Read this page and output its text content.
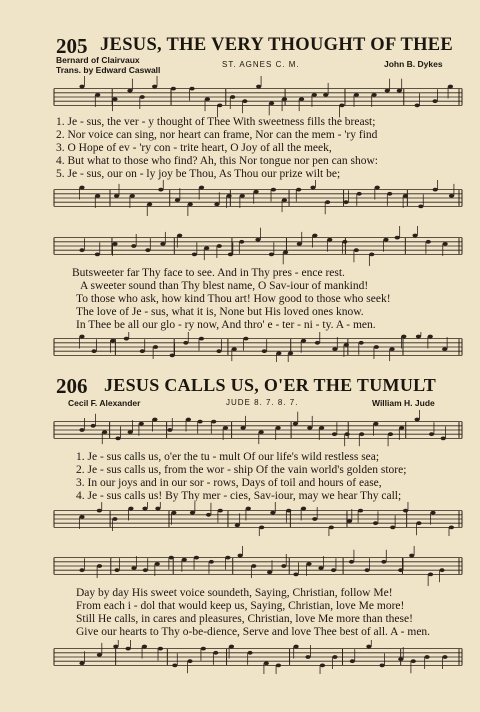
205 JESUS, THE VERY THOUGHT OF THEE
Bernard of Clairvaux
Trans. by Edward Caswall
ST. AGNES C. M.	John B. Dykes
1. Je - sus, the ver - y thought of Thee With sweetness fills the breast;
2. Nor voice can sing, nor heart can frame, Nor can the mem - 'ry find
3. O Hope of ev - 'ry con - trite heart, O Joy of all the meek,
4. But what to those who find? Ah, this Nor tongue nor pen can show:
5. Je - sus, our on - ly joy be Thou, As Thou our prize wilt be;
Butsweeter far Thy face to see. And in Thy pres - ence rest.
A sweeter sound than Thy blest name, O Sav-iour of mankind!
To those who ask, how kind Thou art! How good to those who seek!
The love of Je - sus, what it is, None but His loved ones know.
In Thee be all our glo - ry now, And thro' e - ter - ni - ty. A - men.
206 JESUS CALLS US, O'ER THE TUMULT
Cecil F. Alexander	JUDE 8. 7. 8. 7.	William H. Jude
1. Je - sus calls us, o'er the tu - mult Of our life's wild restless sea;
2. Je - sus calls us, from the wor - ship Of the vain world's golden store;
3. In our joys and in our sor - rows, Days of toil and hours of ease,
4. Je - sus calls us! By Thy mer - cies, Sav-iour, may we hear Thy call;
Day by day His sweet voice soundeth, Saying, Christian, follow Me!
From each i - dol that would keep us, Saying, Christian, love Me more!
Still He calls, in cares and pleasures, Christian, love Me more than these!
Give our hearts to Thy o-be-dience, Serve and love Thee best of all. A - men.
